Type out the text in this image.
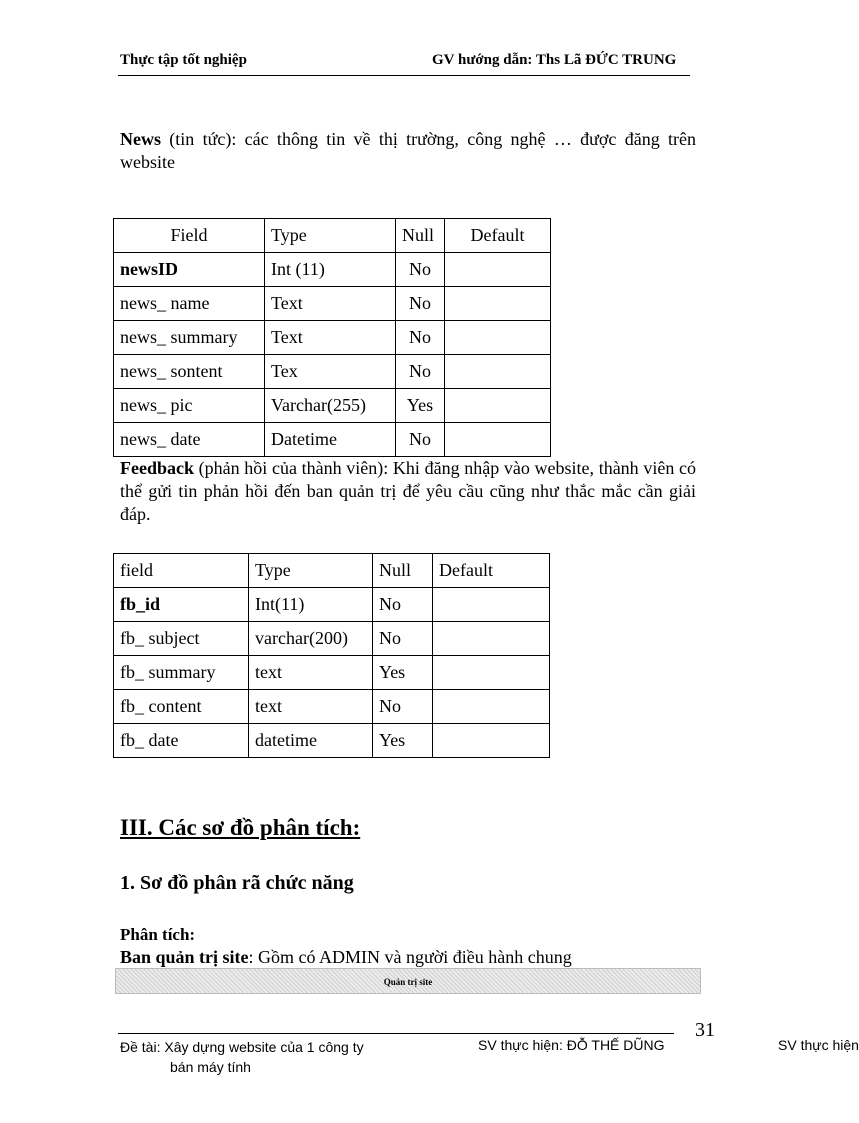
Thực tập tốt nghiệp	GV hướng dẫn: Ths Lã ĐỨC TRUNG
News (tin tức): các thông tin về thị trường, công nghệ … được đăng trên website
Field	Type	Null	Default
newsID	Int (11)	No	
news_ name	Text	No	
news_ summary	Text	No	
news_ sontent	Tex	No	
news_ pic	Varchar(255)	Yes	
news_ date	Datetime	No	
Feedback (phản hồi của thành viên): Khi đăng nhập vào website, thành viên có thể gửi tin phản hồi đến ban quản trị để yêu cầu cũng như thắc mắc cần giải đáp.
field	Type	Null	Default
fb_id	Int(11)	No	
fb_ subject	varchar(200)	No	
fb_ summary	text	Yes	
fb_ content	text	No	
fb_ date	datetime	Yes	
III. Các sơ đồ phân tích:
1. Sơ đồ phân rã chức năng
Phân tích:
Ban quản trị site: Gồm có ADMIN và người điều hành chung
Quản trị site
31
Đề tài: Xây dựng website của 1 công ty
bán máy tính
SV thực hiện: ĐỖ THẾ DŨNG	SV thực hiện
